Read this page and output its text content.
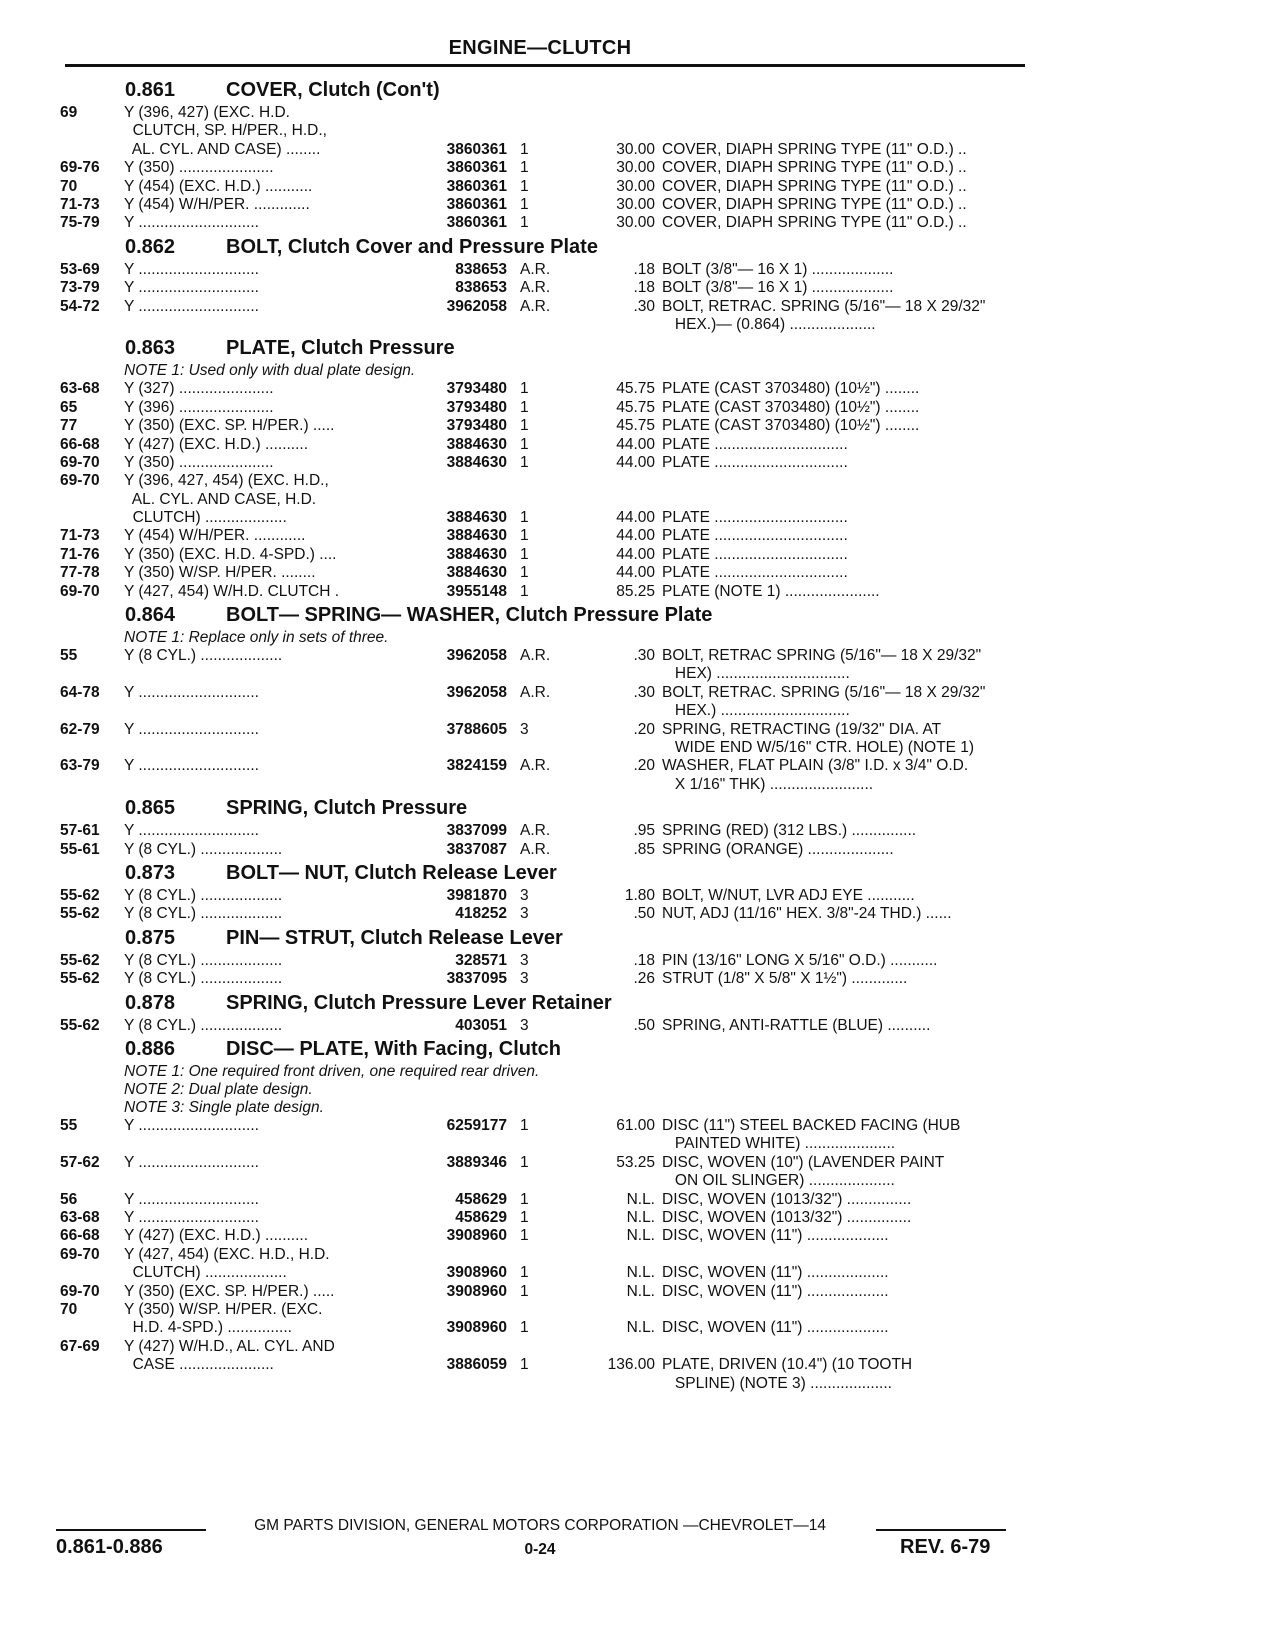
ENGINE—CLUTCH
0.861	COVER, Clutch (Con't)
69	Y (396, 427) (EXC. H.D.
CLUTCH, SP. H/PER., H.D.,
AL. CYL. AND CASE) ........	3860361 1	30.00 COVER, DIAPH SPRING TYPE (11" O.D.) ..
69-76	Y (350) ......................	3860361 1	30.00 COVER, DIAPH SPRING TYPE (11" O.D.) ..
70	Y (454) (EXC. H.D.) ...........	3860361 1	30.00 COVER, DIAPH SPRING TYPE (11" O.D.) ..
71-73	Y (454) W/H/PER. .............	3860361 1	30.00 COVER, DIAPH SPRING TYPE (11" O.D.) ..
75-79	Y ............................	3860361 1	30.00 COVER, DIAPH SPRING TYPE (11" O.D.) ..
0.862	BOLT, Clutch Cover and Pressure Plate
53-69	Y ............................	838653 A.R.	.18 BOLT (3/8"— 16 X 1) ...................
73-79	Y ............................	838653 A.R.	.18 BOLT (3/8"— 16 X 1) ...................
54-72	Y ............................	3962058 A.R.	.30 BOLT, RETRAC. SPRING (5/16"— 18 X 29/32"
HEX.)— (0.864) ....................
0.863	PLATE, Clutch Pressure
NOTE 1: Used only with dual plate design.
63-68	Y (327) ......................	3793480 1	45.75 PLATE (CAST 3703480) (10½") ........
65	Y (396) ......................	3793480 1	45.75 PLATE (CAST 3703480) (10½") ........
77	Y (350) (EXC. SP. H/PER.) .....	3793480 1	45.75 PLATE (CAST 3703480) (10½") ........
66-68	Y (427) (EXC. H.D.) ..........	3884630 1	44.00 PLATE ...............................
69-70	Y (350) ......................	3884630 1	44.00 PLATE ...............................
69-70	Y (396, 427, 454) (EXC. H.D.,
AL. CYL. AND CASE, H.D.
CLUTCH) ...................	3884630 1	44.00 PLATE ...............................
71-73	Y (454) W/H/PER. ............	3884630 1	44.00 PLATE ...............................
71-76	Y (350) (EXC. H.D. 4-SPD.) ....	3884630 1	44.00 PLATE ...............................
77-78	Y (350) W/SP. H/PER. ........	3884630 1	44.00 PLATE ...............................
69-70	Y (427, 454) W/H.D. CLUTCH .	3955148 1	85.25 PLATE (NOTE 1) ......................
0.864	BOLT— SPRING— WASHER, Clutch Pressure Plate
NOTE 1: Replace only in sets of three.
55	Y (8 CYL.) ...................	3962058 A.R.	.30 BOLT, RETRAC SPRING (5/16"— 18 X 29/32"
HEX) ...............................
64-78	Y ............................	3962058 A.R.	.30 BOLT, RETRAC. SPRING (5/16"— 18 X 29/32"
HEX.) ..............................
62-79	Y ............................	3788605 3	.20 SPRING, RETRACTING (19/32" DIA. AT
WIDE END W/5/16" CTR. HOLE) (NOTE 1)
63-79	Y ............................	3824159 A.R.	.20 WASHER, FLAT PLAIN (3/8" I.D. x 3/4" O.D.
X 1/16" THK) ........................
0.865	SPRING, Clutch Pressure
57-61	Y ............................	3837099 A.R.	.95 SPRING (RED) (312 LBS.) ...............
55-61	Y (8 CYL.) ...................	3837087 A.R.	.85 SPRING (ORANGE) ....................
0.873	BOLT— NUT, Clutch Release Lever
55-62	Y (8 CYL.) ...................	3981870 3	1.80 BOLT, W/NUT, LVR ADJ EYE ...........
55-62	Y (8 CYL.) ...................	418252 3	.50 NUT, ADJ (11/16" HEX. 3/8"-24 THD.) ......
0.875	PIN— STRUT, Clutch Release Lever
55-62	Y (8 CYL.) ...................	328571 3	.18 PIN (13/16" LONG X 5/16" O.D.) ...........
55-62	Y (8 CYL.) ...................	3837095 3	.26 STRUT (1/8" X 5/8" X 1½") .............
0.878	SPRING, Clutch Pressure Lever Retainer
55-62	Y (8 CYL.) ...................	403051 3	.50 SPRING, ANTI-RATTLE (BLUE) ..........
0.886	DISC— PLATE, With Facing, Clutch
NOTE 1: One required front driven, one required rear driven.
NOTE 2: Dual plate design.
NOTE 3: Single plate design.
55	Y ............................	6259177 1	61.00 DISC (11") STEEL BACKED FACING (HUB
PAINTED WHITE) .....................
57-62	Y ............................	3889346 1	53.25 DISC, WOVEN (10") (LAVENDER PAINT
ON OIL SLINGER) ....................
56	Y ............................	458629 1	N.L. DISC, WOVEN (1013/32") ...............
63-68	Y ............................	458629 1	N.L. DISC, WOVEN (1013/32") ...............
66-68	Y (427) (EXC. H.D.) ..........	3908960 1	N.L. DISC, WOVEN (11") ...................
69-70	Y (427, 454) (EXC. H.D., H.D.
CLUTCH) ...................	3908960 1	N.L. DISC, WOVEN (11") ...................
69-70	Y (350) (EXC. SP. H/PER.) .....	3908960 1	N.L. DISC, WOVEN (11") ...................
70	Y (350) W/SP. H/PER. (EXC.
H.D. 4-SPD.) ...............	3908960 1	N.L. DISC, WOVEN (11") ...................
67-69	Y (427) W/H.D., AL. CYL. AND
CASE ......................	3886059 1	136.00 PLATE, DRIVEN (10.4") (10 TOOTH
SPLINE) (NOTE 3) ...................
GM PARTS DIVISION, GENERAL MOTORS CORPORATION —CHEVROLET—14
0.861-0.886	0-24	REV. 6-79
